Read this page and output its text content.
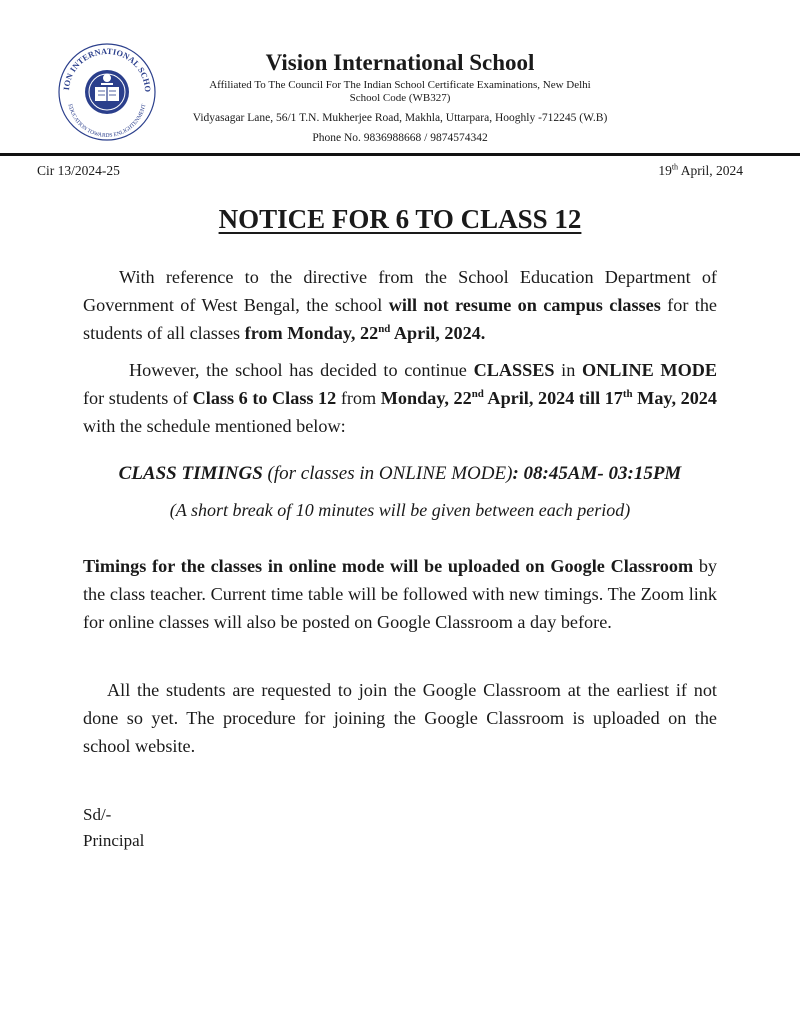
ION INTERNATIONAL SCHO
EDUCATION TOWARDS ENLIGHTENMENT
Vision International School
Affiliated To The Council For The Indian School Certificate Examinations, New Delhi
School Code (WB327)
Vidyasagar Lane, 56/1 T.N. Mukherjee Road, Makhla, Uttarpara, Hooghly -712245 (W.B)
Phone No. 9836988668 / 9874574342
Cir 13/2024-25	19th April, 2024
NOTICE FOR 6 TO CLASS 12
With reference to the directive from the School Education Department of Government of West Bengal, the school will not resume on campus classes for the students of all classes from Monday, 22nd April, 2024.
However, the school has decided to continue CLASSES in ONLINE MODE for students of Class 6 to Class 12 from Monday, 22nd April, 2024 till 17th May, 2024 with the schedule mentioned below:
CLASS TIMINGS (for classes in ONLINE MODE): 08:45AM- 03:15PM
(A short break of 10 minutes will be given between each period)
Timings for the classes in online mode will be uploaded on Google Classroom by the class teacher. Current time table will be followed with new timings. The Zoom link for online classes will also be posted on Google Classroom a day before.
All the students are requested to join the Google Classroom at the earliest if not done so yet. The procedure for joining the Google Classroom is uploaded on the school website.
Sd/-
Principal
